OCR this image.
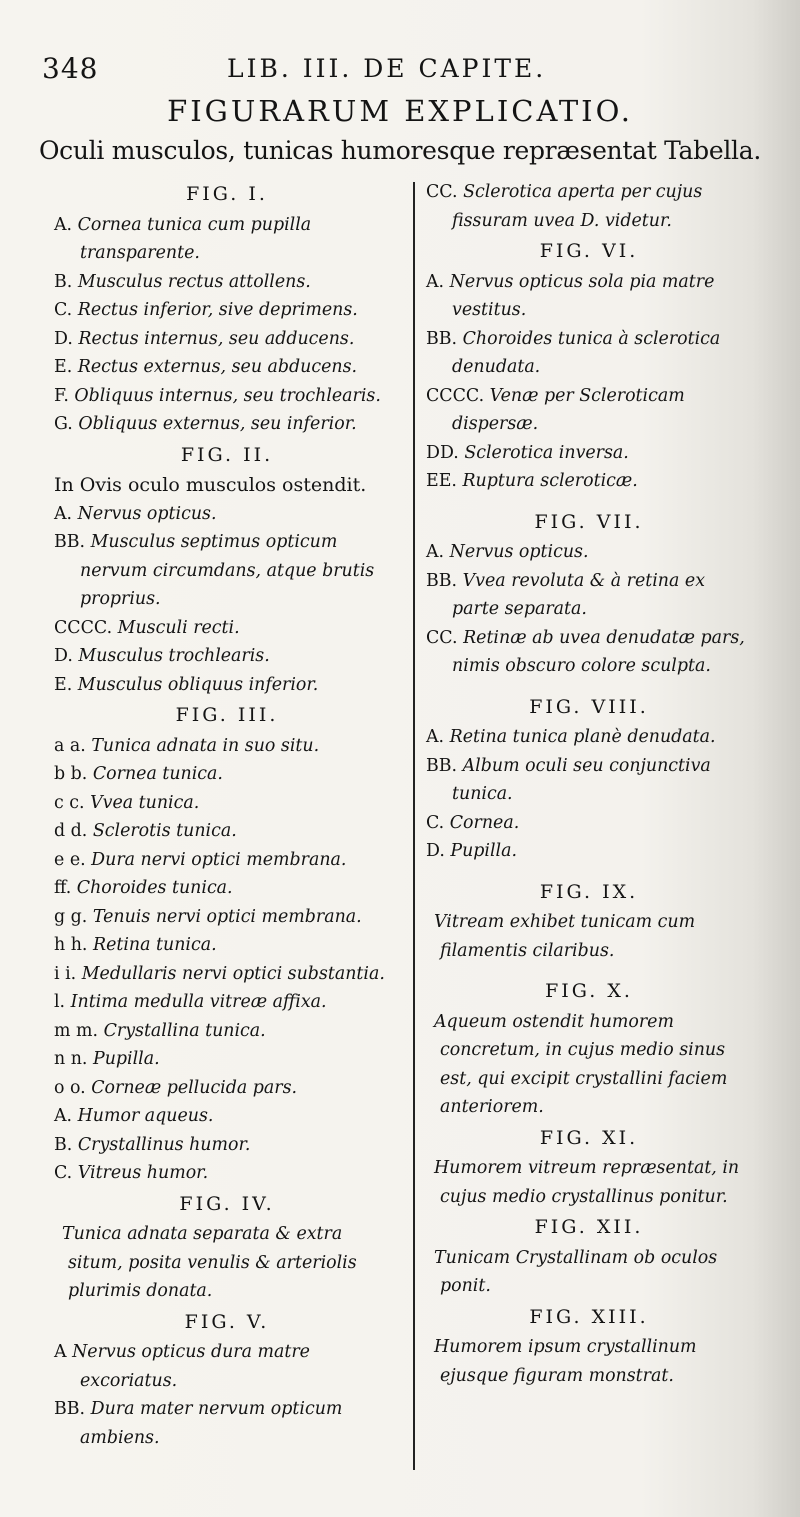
348	LIB. III. DE CAPITE.
FIGURARUM EXPLICATIO.
Oculi musculos, tunicas humoresque repræsentat Tabella.
FIG. I.
A. Cornea tunica cum pupilla transparente.
B. Musculus rectus attollens.
C. Rectus inferior, sive deprimens.
D. Rectus internus, seu adducens.
E. Rectus externus, seu abducens.
F. Obliquus internus, seu trochlearis.
G. Obliquus externus, seu inferior.
FIG. II.
In Ovis oculo musculos ostendit.
A. Nervus opticus.
BB. Musculus septimus opticum nervum circumdans, atque brutis proprius.
CCCC. Musculi recti.
D. Musculus trochlearis.
E. Musculus obliquus inferior.
FIG. III.
a a. Tunica adnata in suo situ.
b b. Cornea tunica.
c c. Vvea tunica.
d d. Sclerotis tunica.
e e. Dura nervi optici membrana.
ff. Choroides tunica.
g g. Tenuis nervi optici membrana.
h h. Retina tunica.
i i. Medullaris nervi optici substantia.
l. Intima medulla vitreæ affixa.
m m. Crystallina tunica.
n n. Pupilla.
o o. Corneæ pellucida pars.
A. Humor aqueus.
B. Crystallinus humor.
C. Vitreus humor.
FIG. IV.
Tunica adnata separata & extra situm, posita venulis & arteriolis plurimis donata.
FIG. V.
A Nervus opticus dura matre excoriatus.
BB. Dura mater nervum opticum ambiens.
CC. Sclerotica aperta per cujus fissuram uvea D. videtur.
FIG. VI.
A. Nervus opticus sola pia matre vestitus.
BB. Choroides tunica à sclerotica denudata.
CCCC. Venæ per Scleroticam dispersæ.
DD. Sclerotica inversa.
EE. Ruptura scleroticæ.
FIG. VII.
A. Nervus opticus.
BB. Vvea revoluta & à retina ex parte separata.
CC. Retinæ ab uvea denudatæ pars, nimis obscuro colore sculpta.
FIG. VIII.
A. Retina tunica planè denudata.
BB. Album oculi seu conjunctiva tunica.
C. Cornea.
D. Pupilla.
FIG. IX.
Vitream exhibet tunicam cum filamentis cilaribus.
FIG. X.
Aqueum ostendit humorem concretum, in cujus medio sinus est, qui excipit crystallini faciem anteriorem.
FIG. XI.
Humorem vitreum repræsentat, in cujus medio crystallinus ponitur.
FIG. XII.
Tunicam Crystallinam ob oculos ponit.
FIG. XIII.
Humorem ipsum crystallinum ejusque figuram monstrat.
